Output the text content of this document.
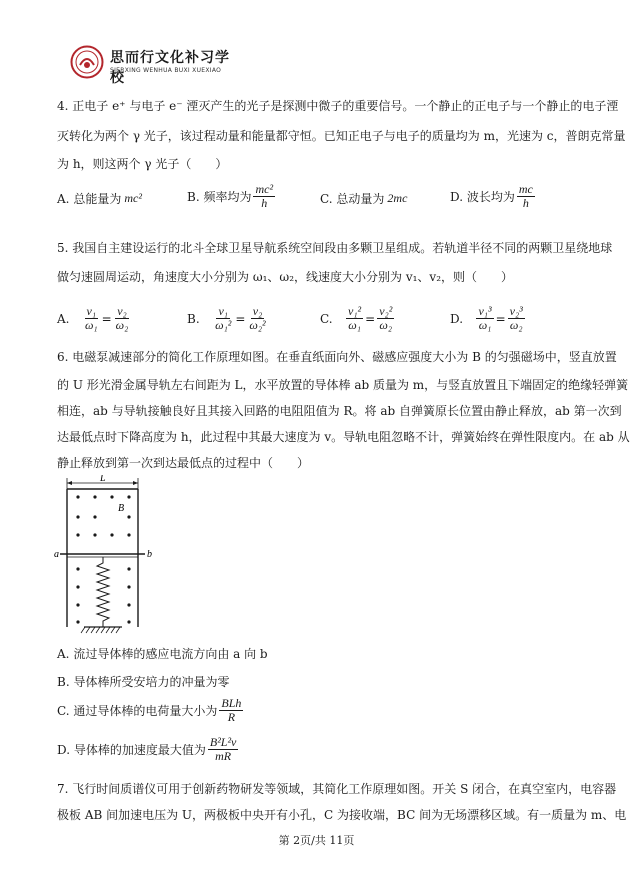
思而行文化补习学校
SIERXING WENHUA BUXI XUEXIAO
4. 正电子 e⁺ 与电子 e⁻ 湮灭产生的光子是探测中微子的重要信号。一个静止的正电子与一个静止的电子湮
灭转化为两个 γ 光子，该过程动量和能量都守恒。已知正电子与电子的质量均为 m，光速为 c，普朗克常量
为 h，则这两个 γ 光子（　　）
A.
总能量为 mc²	B.
频率均为 $\frac{\text{mc²}}{h}$	C.
总动量为 2mc	D.
波长均为 $\frac{mc}{h}$
5. 我国自主建设运行的北斗全球卫星导航系统空间段由多颗卫星组成。若轨道半径不同的两颗卫星绕地球
做匀速圆周运动，角速度大小分别为 ω₁、ω₂，线速度大小分别为 v₁、v₂，则（　　）
A.
$\frac{\text{v₁}}{\text{ω₁}} = \frac{\text{v₂}}{\text{ω₂}}$	B.
$\frac{\text{v₁}}{\text{ω₁²}} = \frac{\text{v₂}}{\text{ω₂²}}$	C.
$\frac{\text{v₁²}}{\text{ω₁}} = \frac{\text{v₂²}}{\text{ω₂}}$	D.
$\frac{\text{v₁³}}{\text{ω₁}} = \frac{\text{v₂³}}{\text{ω₂}}$
6. 电磁泵减速部分的简化工作原理如图。在垂直纸面向外、磁感应强度大小为 B 的匀强磁场中，竖直放置
的 U 形光滑金属导轨左右间距为 L，水平放置的导体棒 ab 质量为 m，与竖直放置且下端固定的绝缘轻弹簧
相连，ab 与导轨接触良好且其接入回路的电阻阻值为 R。将 ab 自弹簧原长位置由静止释放，ab 第一次到
达最低点时下降高度为 h，此过程中其最大速度为 v。导轨电阻忽略不计，弹簧始终在弹性限度内。在 ab 从
静止释放到第一次到达最低点的过程中（　　）
L
a	b
B
A.
流过导体棒的感应电流方向由 a 向 b
B.
导体棒所受安培力的冲量为零
C.
通过导体棒的电荷量大小为 $\frac{\text{BLh}}{R}$
D.
导体棒的加速度最大值为 $\frac{\text{B²L²v}}{mR}$
7. 飞行时间质谱仪可用于创新药物研发等领域，其简化工作原理如图。开关 S 闭合，在真空室内，电容器
极板 AB 间加速电压为 U，两极板中央开有小孔，C 为接收端，BC 间为无场漂移区域。有一质量为 m、电
第 2页/共 11页
